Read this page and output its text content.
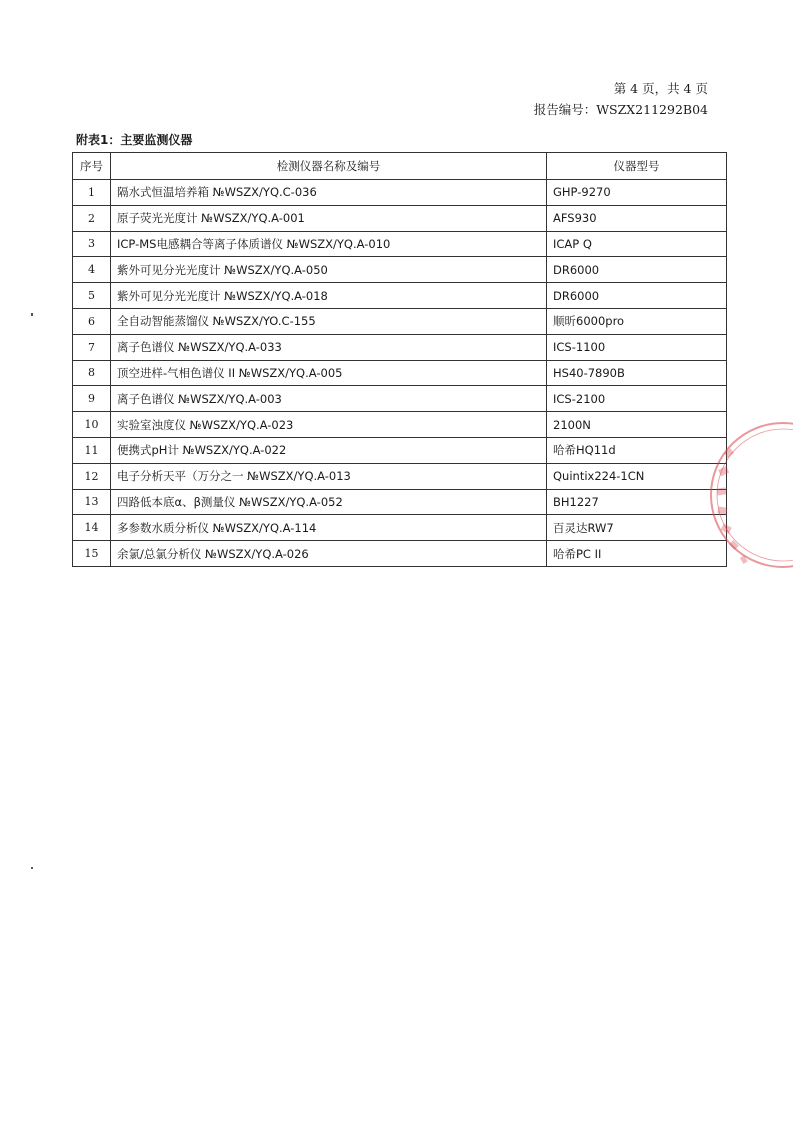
第 4 页，共 4 页
报告编号：WSZX211292B04
附表1：主要监测仪器
序号	检测仪器名称及编号	仪器型号
1	隔水式恒温培养箱 №WSZX/YQ.C-036	GHP-9270
2	原子荧光光度计 №WSZX/YQ.A-001	AFS930
3	ICP-MS电感耦合等离子体质谱仪 №WSZX/YQ.A-010	ICAP Q
4	紫外可见分光光度计 №WSZX/YQ.A-050	DR6000
5	紫外可见分光光度计 №WSZX/YQ.A-018	DR6000
6	全自动智能蒸馏仪 №WSZX/YO.C-155	顺昕6000pro
7	离子色谱仪 №WSZX/YQ.A-033	ICS-1100
8	顶空进样-气相色谱仪 II №WSZX/YQ.A-005	HS40-7890B
9	离子色谱仪 №WSZX/YQ.A-003	ICS-2100
10	实验室浊度仪 №WSZX/YQ.A-023	2100N
11	便携式pH计 №WSZX/YQ.A-022	哈希HQ11d
12	电子分析天平（万分之一 №WSZX/YQ.A-013	Quintix224-1CN
13	四路低本底α、β测量仪 №WSZX/YQ.A-052	BH1227
14	多参数水质分析仪 №WSZX/YQ.A-114	百灵达RW7
15	余氯/总氯分析仪 №WSZX/YQ.A-026	哈希PC II
